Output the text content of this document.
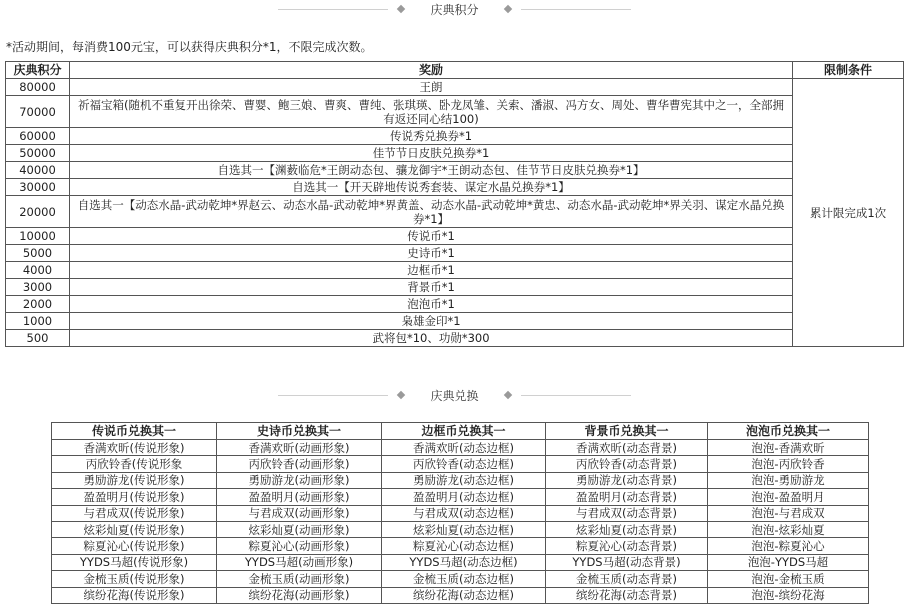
庆典积分
*活动期间，每消费100元宝，可以获得庆典积分*1，不限完成次数。
庆典积分	奖励	限制条件
80000	王朗	累计限完成1次
70000	祈福宝箱(随机不重复开出徐荣、曹婴、鲍三娘、曹爽、曹纯、张琪瑛、卧龙凤雏、关索、潘淑、冯方女、周处、曹华曹宪其中之一，全部拥有返还同心结100)	
60000	传说秀兑换券*1	
50000	佳节节日皮肤兑换券*1	
40000	自选其一【渊薮临危*王朗动态包、骧龙御宇*王朗动态包、佳节节日皮肤兑换券*1】	
30000	自选其一【开天辟地传说秀套装、谋定水晶兑换券*1】	
20000	自选其一【动态水晶-武动乾坤*界赵云、动态水晶-武动乾坤*界黄盖、动态水晶-武动乾坤*黄忠、动态水晶-武动乾坤*界关羽、谋定水晶兑换券*1】	
10000	传说币*1	
5000	史诗币*1	
4000	边框币*1	
3000	背景币*1	
2000	泡泡币*1	
1000	枭雄金印*1	
500	武将包*10、功勋*300	
庆典兑换
传说币兑换其一	史诗币兑换其一	边框币兑换其一	背景币兑换其一	泡泡币兑换其一
香满欢昕(传说形象)	香满欢昕(动画形象)	香满欢昕(动态边框)	香满欢昕(动态背景)	泡泡-香满欢昕
丙欣铃香(传说形象	丙欣铃香(动画形象)	丙欣铃香(动态边框)	丙欣铃香(动态背景)	泡泡-丙欣铃香
勇励游龙(传说形象)	勇励游龙(动画形象)	勇励游龙(动态边框)	勇励游龙(动态背景)	泡泡-勇励游龙
盈盈明月(传说形象)	盈盈明月(动画形象)	盈盈明月(动态边框)	盈盈明月(动态背景)	泡泡-盈盈明月
与君成双(传说形象)	与君成双(动画形象)	与君成双(动态边框)	与君成双(动态背景)	泡泡-与君成双
炫彩灿夏(传说形象)	炫彩灿夏(动画形象)	炫彩灿夏(动态边框)	炫彩灿夏(动态背景)	泡泡-炫彩灿夏
粽夏沁心(传说形象)	粽夏沁心(动画形象)	粽夏沁心(动态边框)	粽夏沁心(动态背景)	泡泡-粽夏沁心
YYDS马超(传说形象)	YYDS马超(动画形象)	YYDS马超(动态边框)	YYDS马超(动态背景)	泡泡-YYDS马超
金梳玉质(传说形象)	金梳玉质(动画形象)	金梳玉质(动态边框)	金梳玉质(动态背景)	泡泡-金梳玉质
缤纷花海(传说形象)	缤纷花海(动画形象)	缤纷花海(动态边框)	缤纷花海(动态背景)	泡泡-缤纷花海
